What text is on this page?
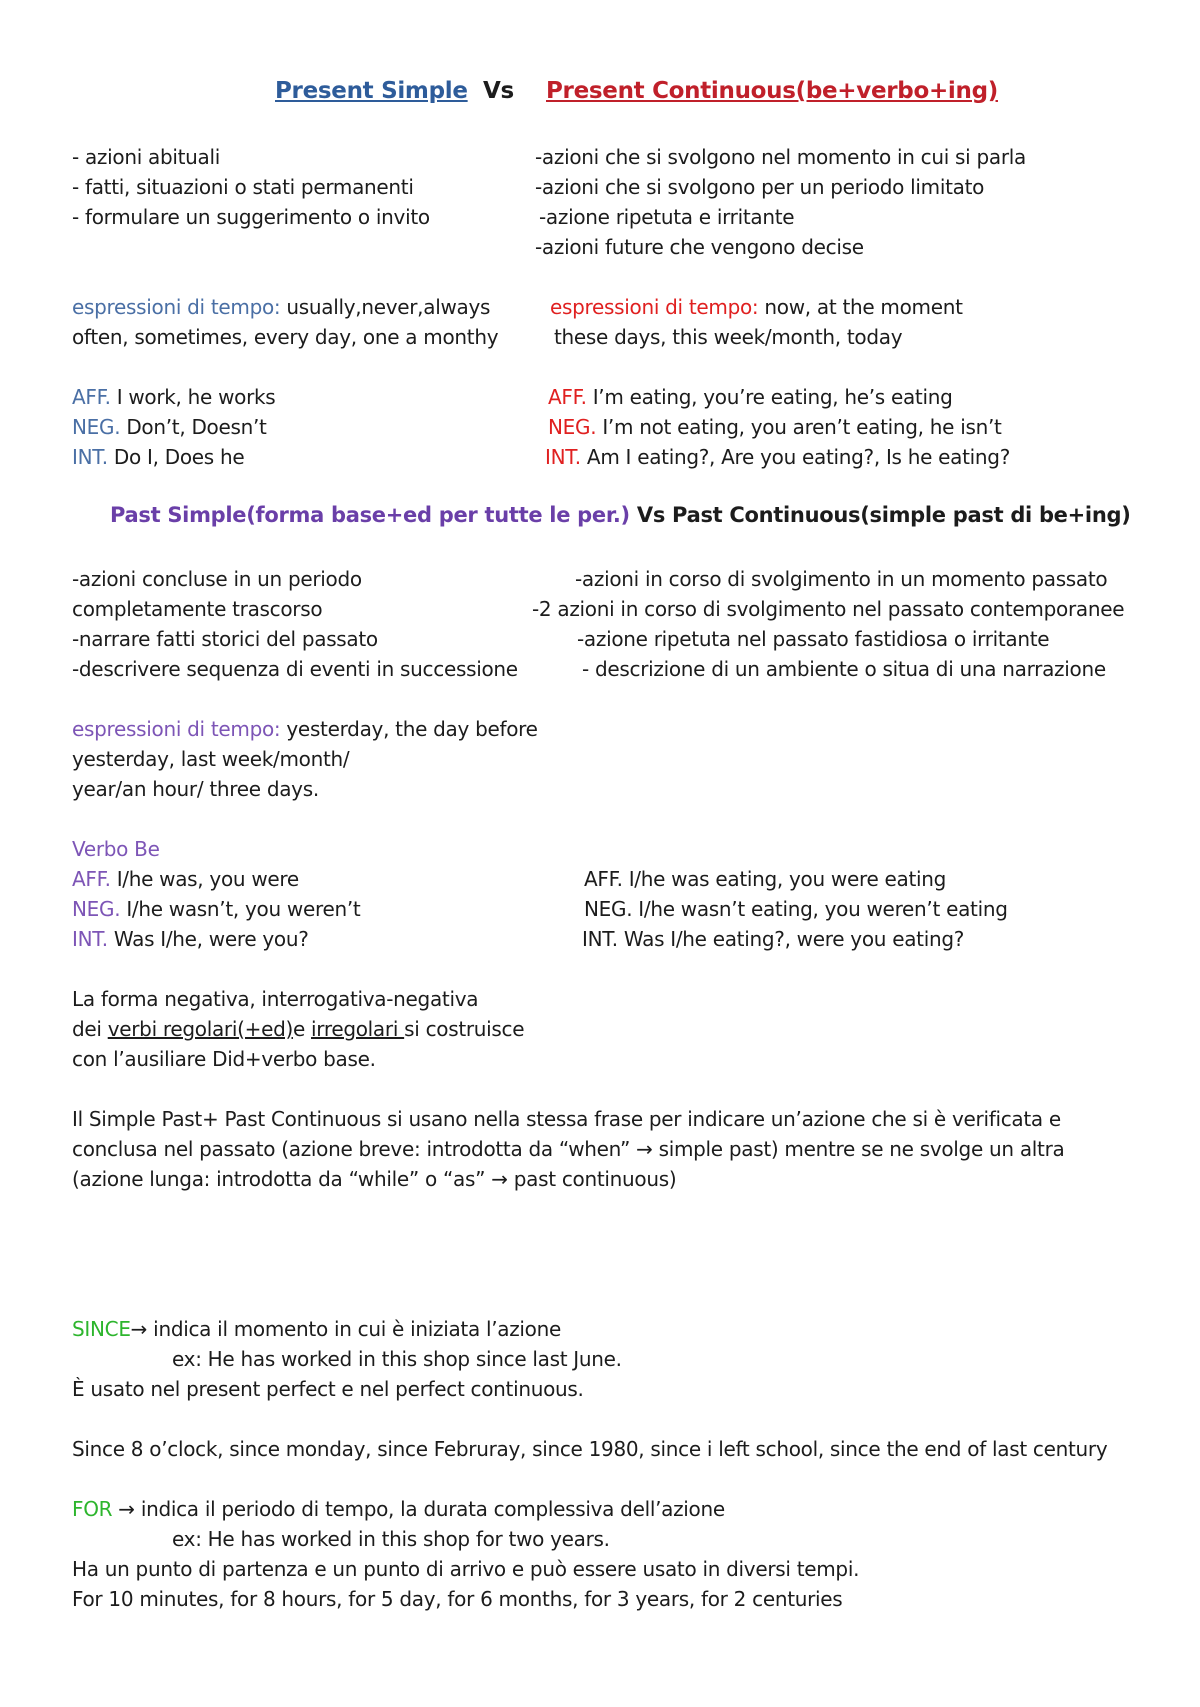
Present Simple Vs Present Continuous(be+verbo+ing)
- azioni abituali
- fatti, situazioni o stati permanenti
- formulare un suggerimento o invito
-azioni che si svolgono nel momento in cui si parla
-azioni che si svolgono per un periodo limitato
-azione ripetuta e irritante
-azioni future che vengono decise
espressioni di tempo: usually,never,always
often, sometimes, every day, one a monthy
espressioni di tempo: now, at the moment
these days, this week/month, today
AFF. I work, he works
NEG. Don’t, Doesn’t
INT. Do I, Does he
AFF. I’m eating, you’re eating, he’s eating
NEG. I’m not eating, you aren’t eating, he isn’t
INT. Am I eating?, Are you eating?, Is he eating?
Past Simple(forma base+ed per tutte le per.) Vs Past Continuous(simple past di be+ing)
-azioni concluse in un periodo
completamente trascorso
-narrare fatti storici del passato
-descrivere sequenza di eventi in successione
-azioni in corso di svolgimento in un momento passato
-2 azioni in corso di svolgimento nel passato contemporanee
-azione ripetuta nel passato fastidiosa o irritante
- descrizione di un ambiente o situa di una narrazione
espressioni di tempo: yesterday, the day before
yesterday, last week/month/
year/an hour/ three days.
Verbo Be
AFF. I/he was, you were
NEG. I/he wasn’t, you weren’t
INT. Was I/he, were you?
AFF. I/he was eating, you were eating
NEG. I/he wasn’t eating, you weren’t eating
INT. Was I/he eating?, were you eating?
La forma negativa, interrogativa-negativa
dei verbi regolari(+ed)e irregolari si costruisce
con l’ausiliare Did+verbo base.
Il Simple Past+ Past Continuous si usano nella stessa frase per indicare un’azione che si è verificata e
conclusa nel passato (azione breve: introdotta da “when” → simple past) mentre se ne svolge un altra
(azione lunga: introdotta da “while” o “as” → past continuous)
SINCE→ indica il momento in cui è iniziata l’azione
ex: He has worked in this shop since last June.
È usato nel present perfect e nel perfect continuous.
Since 8 o’clock, since monday, since Februray, since 1980, since i left school, since the end of last century
FOR → indica il periodo di tempo, la durata complessiva dell’azione
ex: He has worked in this shop for two years.
Ha un punto di partenza e un punto di arrivo e può essere usato in diversi tempi.
For 10 minutes, for 8 hours, for 5 day, for 6 months, for 3 years, for 2 centuries
